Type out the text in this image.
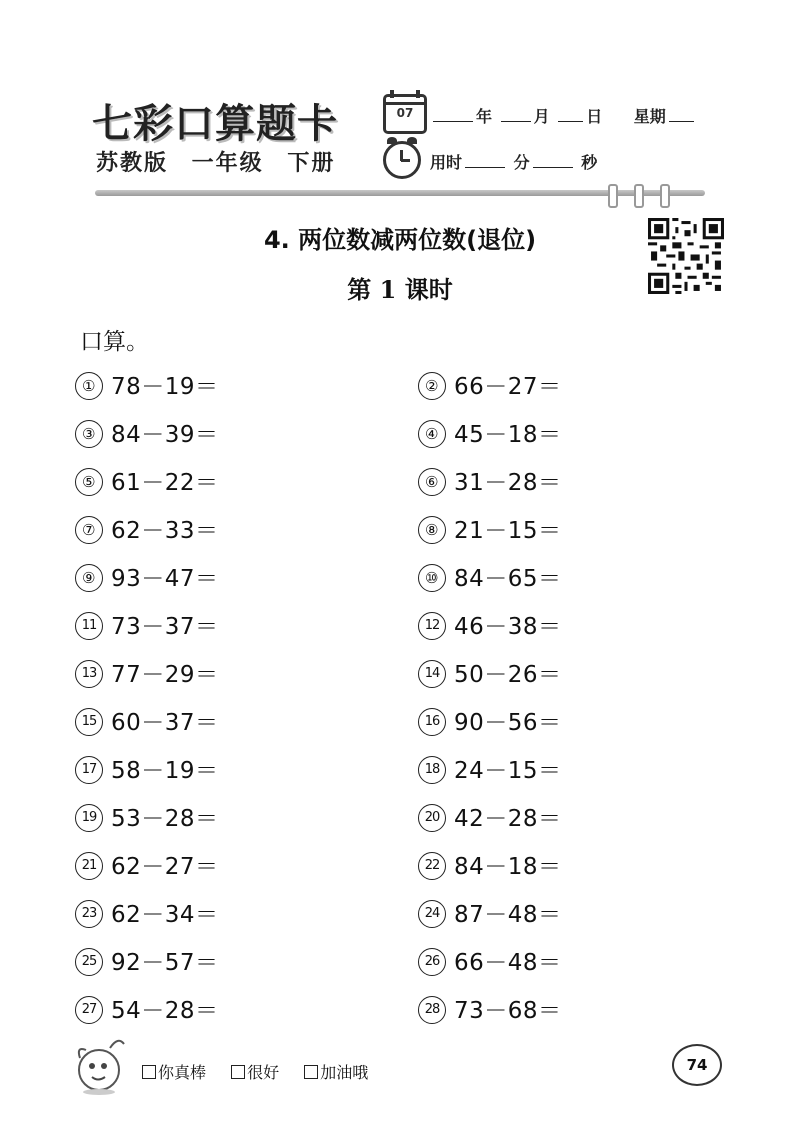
七彩口算题卡
苏教版 一年级 下册
07	年	月 日 星期
用时	分	秒
4. 两位数减两位数(退位)
第 1 课时
口算。
① 78－19＝	② 66－27＝
③ 84－39＝	④ 45－18＝
⑤ 61－22＝	⑥ 31－28＝
⑦ 62－33＝	⑧ 21－15＝
⑨ 93－47＝	⑩ 84－65＝
11 73－37＝	12 46－38＝
13 77－29＝	14 50－26＝
15 60－37＝	16 90－56＝
17 58－19＝	18 24－15＝
19 53－28＝	20 42－28＝
21 62－27＝	22 84－18＝
23 62－34＝	24 87－48＝
25 92－57＝	26 66－48＝
27 54－28＝	28 73－68＝
你真棒	很好	加油哦	74
